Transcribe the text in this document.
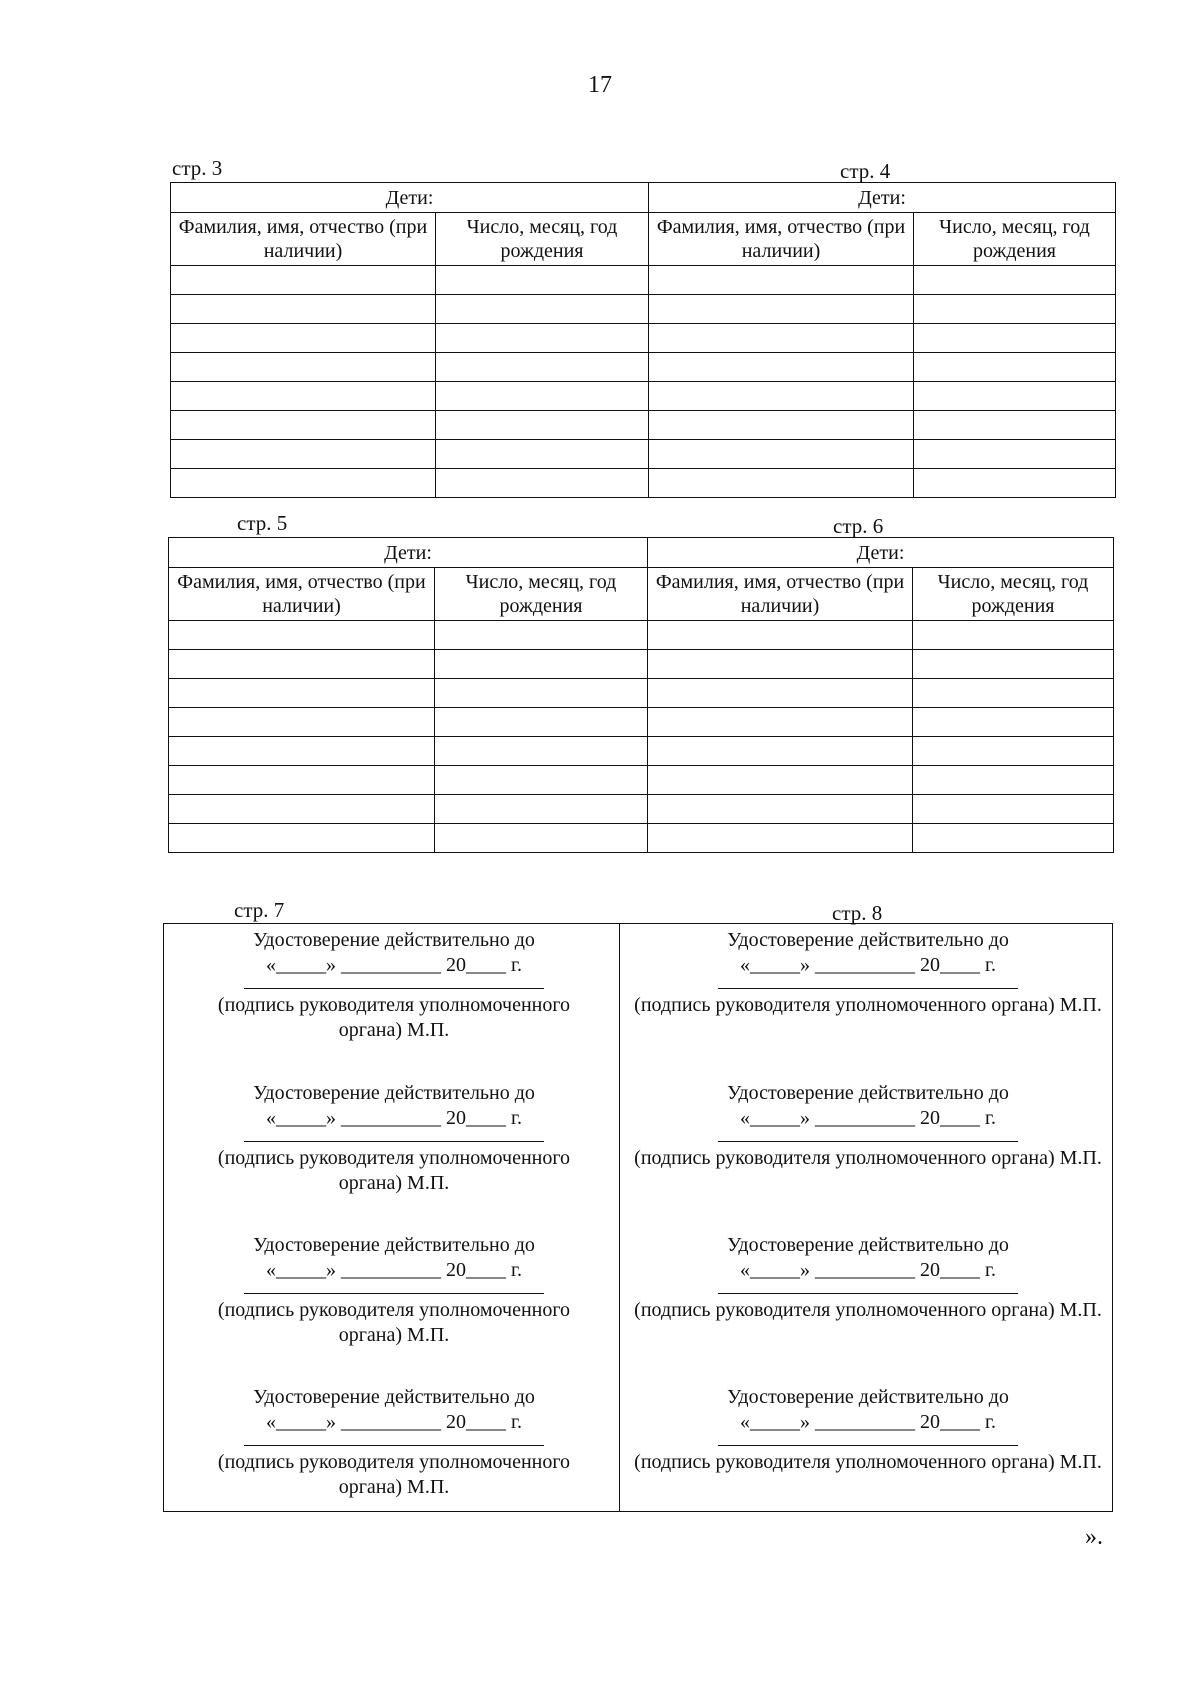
17
стр. 3	стр. 4
Дети:		Дети:	
Фамилия, имя, отчество (при наличии)	Число, месяц, год рождения	Фамилия, имя, отчество (при наличии)	Число, месяц, год рождения

стр. 5	стр. 6
Дети:		Дети:	
Фамилия, имя, отчество (при наличии)	Число, месяц, год рождения	Фамилия, имя, отчество (при наличии)	Число, месяц, год рождения

стр. 7	стр. 8
Удостоверение действительно до
«_____» __________ 20____ г.
(подпись руководителя уполномоченного органа) М.П.
Удостоверение действительно до
«_____» __________ 20____ г.
(подпись руководителя уполномоченного органа) М.П.
Удостоверение действительно до
«_____» __________ 20____ г.
(подпись руководителя уполномоченного органа) М.П.
Удостоверение действительно до
«_____» __________ 20____ г.
(подпись руководителя уполномоченного органа) М.П.
Удостоверение действительно до
«_____» __________ 20____ г.
(подпись руководителя уполномоченного органа) М.П.
Удостоверение действительно до
«_____» __________ 20____ г.
(подпись руководителя уполномоченного органа) М.П.
Удостоверение действительно до
«_____» __________ 20____ г.
(подпись руководителя уполномоченного органа) М.П.
Удостоверение действительно до
«_____» __________ 20____ г.
(подпись руководителя уполномоченного органа) М.П.
».
